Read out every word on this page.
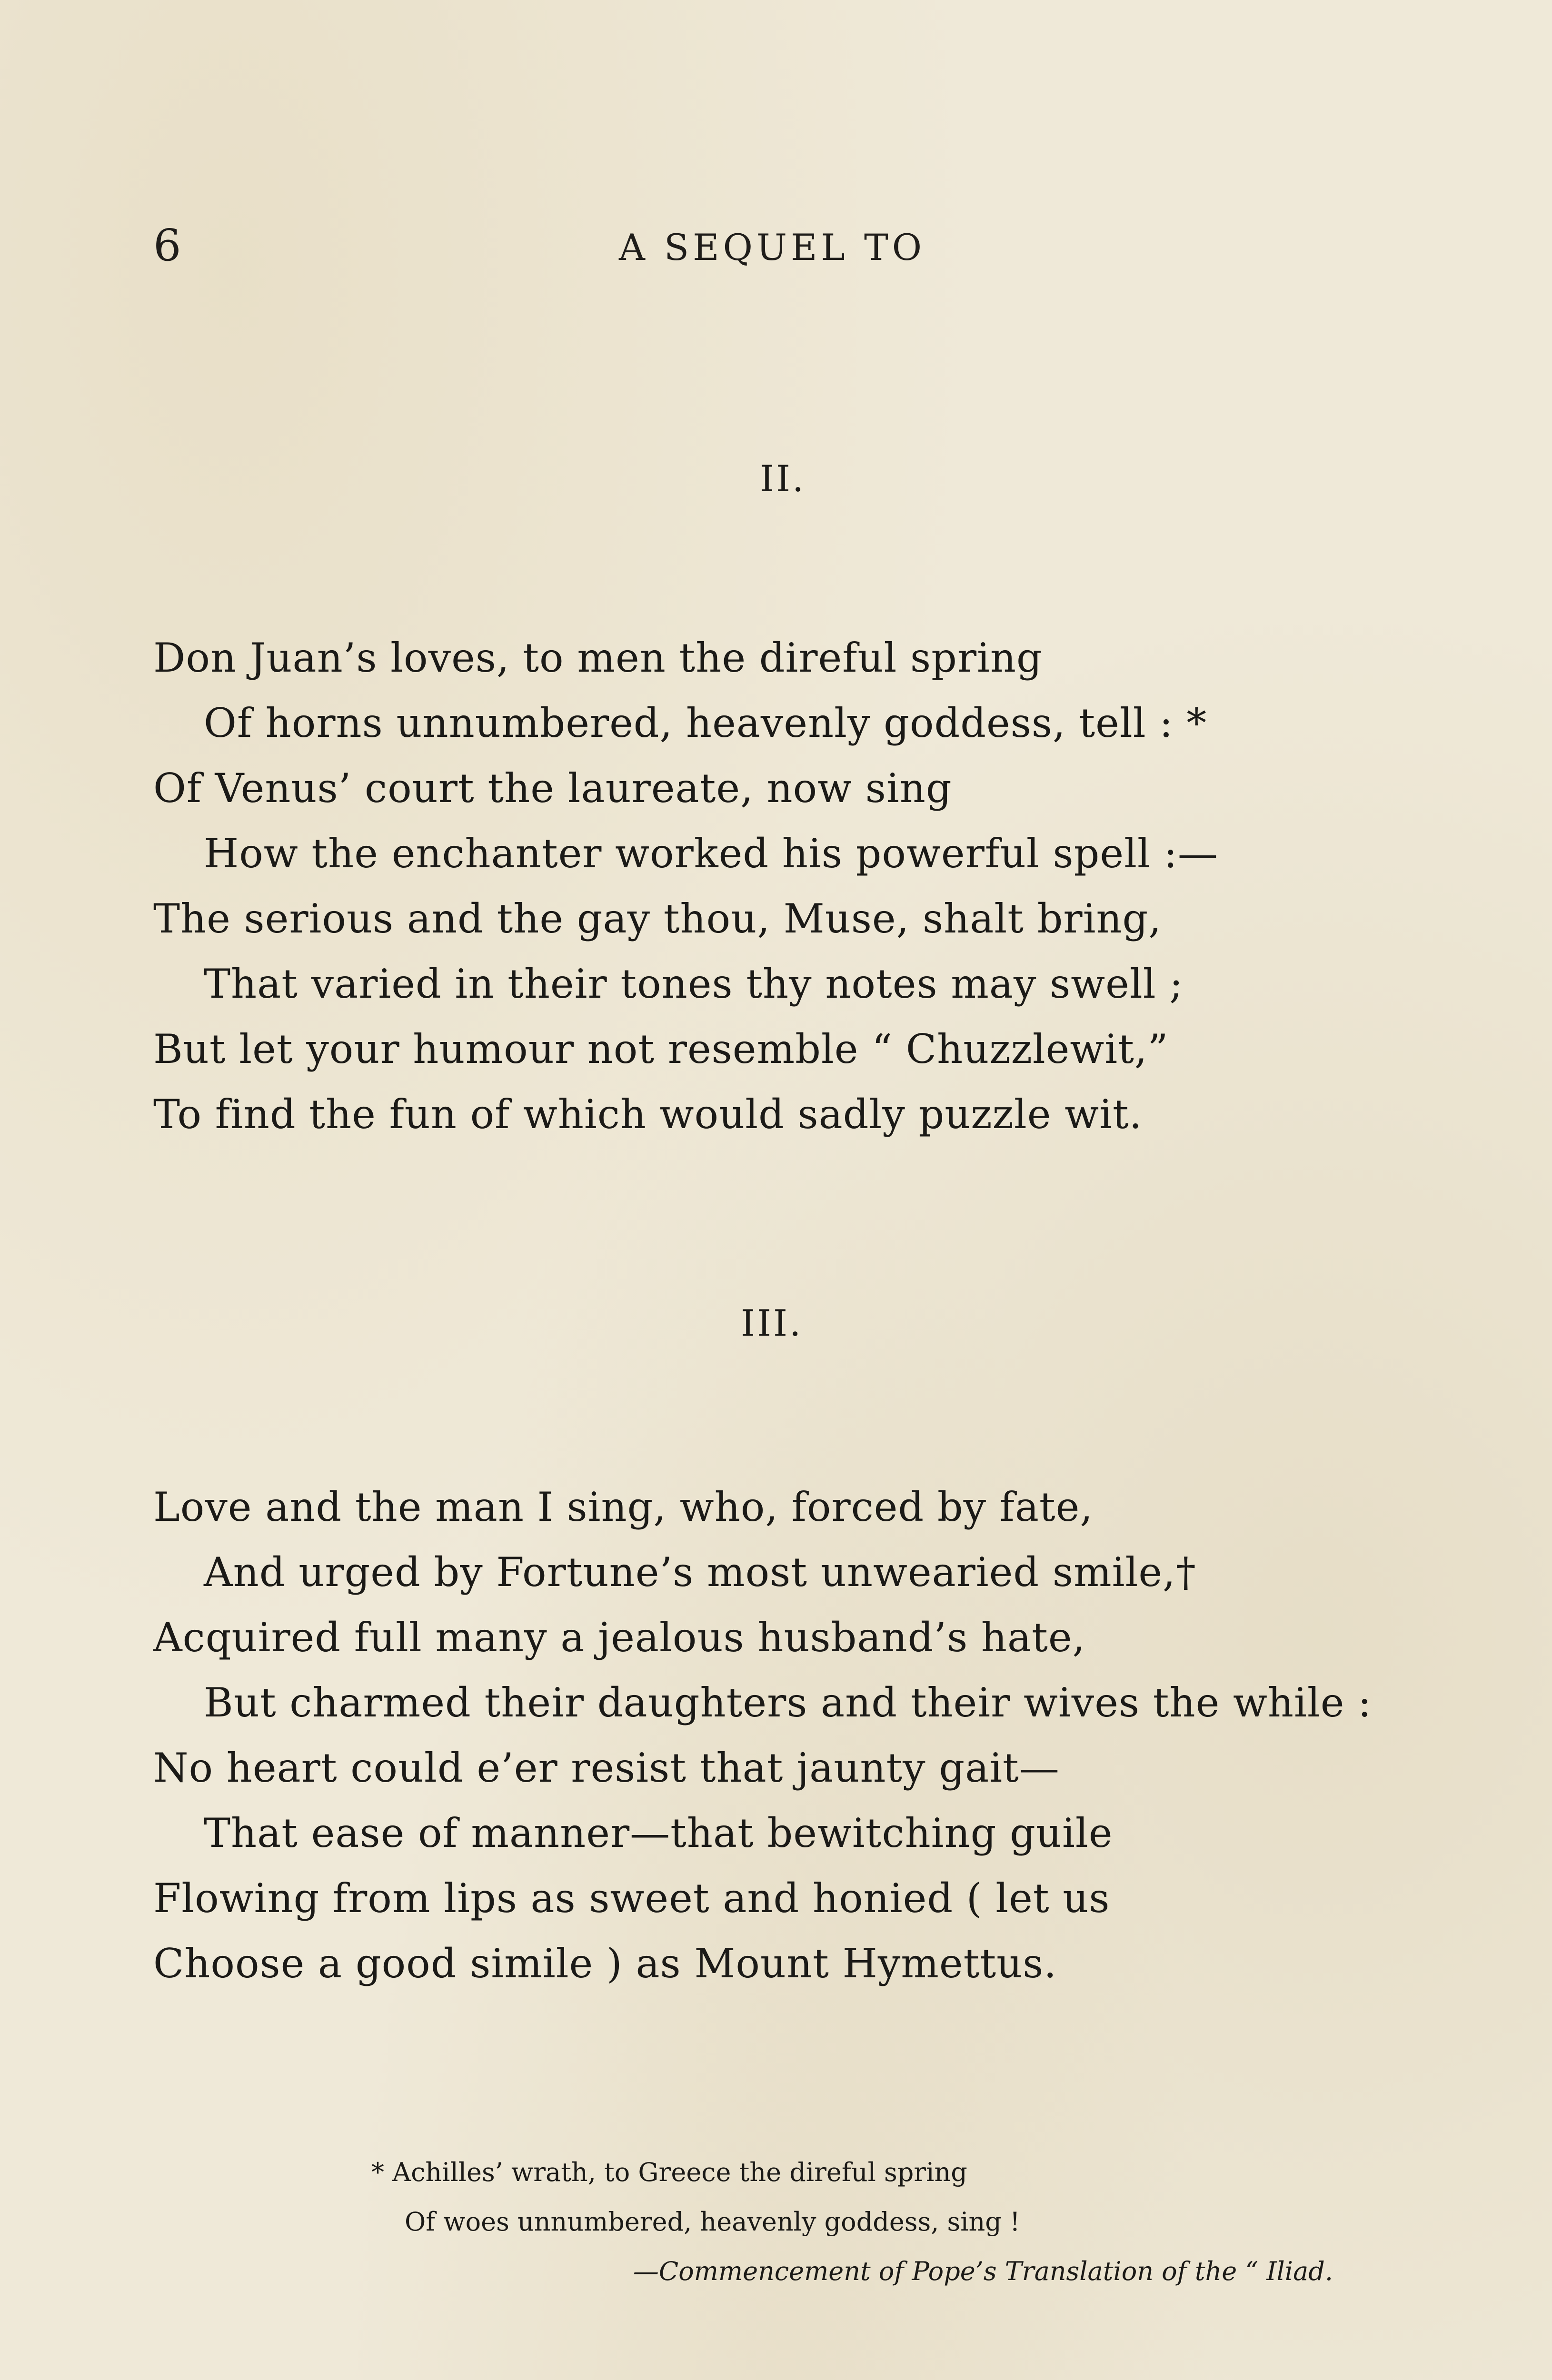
6	A SEQUEL TO
II.
Don Juan’s loves, to men the direful spring
Of horns unnumbered, heavenly goddess, tell : *
Of Venus’ court the laureate, now sing
How the enchanter worked his powerful spell :—
The serious and the gay thou, Muse, shalt bring,
That varied in their tones thy notes may swell ;
But let your humour not resemble “ Chuzzlewit,”
To find the fun of which would sadly puzzle wit.
III.
Love and the man I sing, who, forced by fate,
And urged by Fortune’s most unwearied smile,†
Acquired full many a jealous husband’s hate,
But charmed their daughters and their wives the while :
No heart could e’er resist that jaunty gait—
That ease of manner—that bewitching guile
Flowing from lips as sweet and honied ( let us
Choose a good simile ) as Mount Hymettus.
* Achilles’ wrath, to Greece the direful spring
Of woes unnumbered, heavenly goddess, sing !
—Commencement of Pope’s Translation of the “ Iliad.
